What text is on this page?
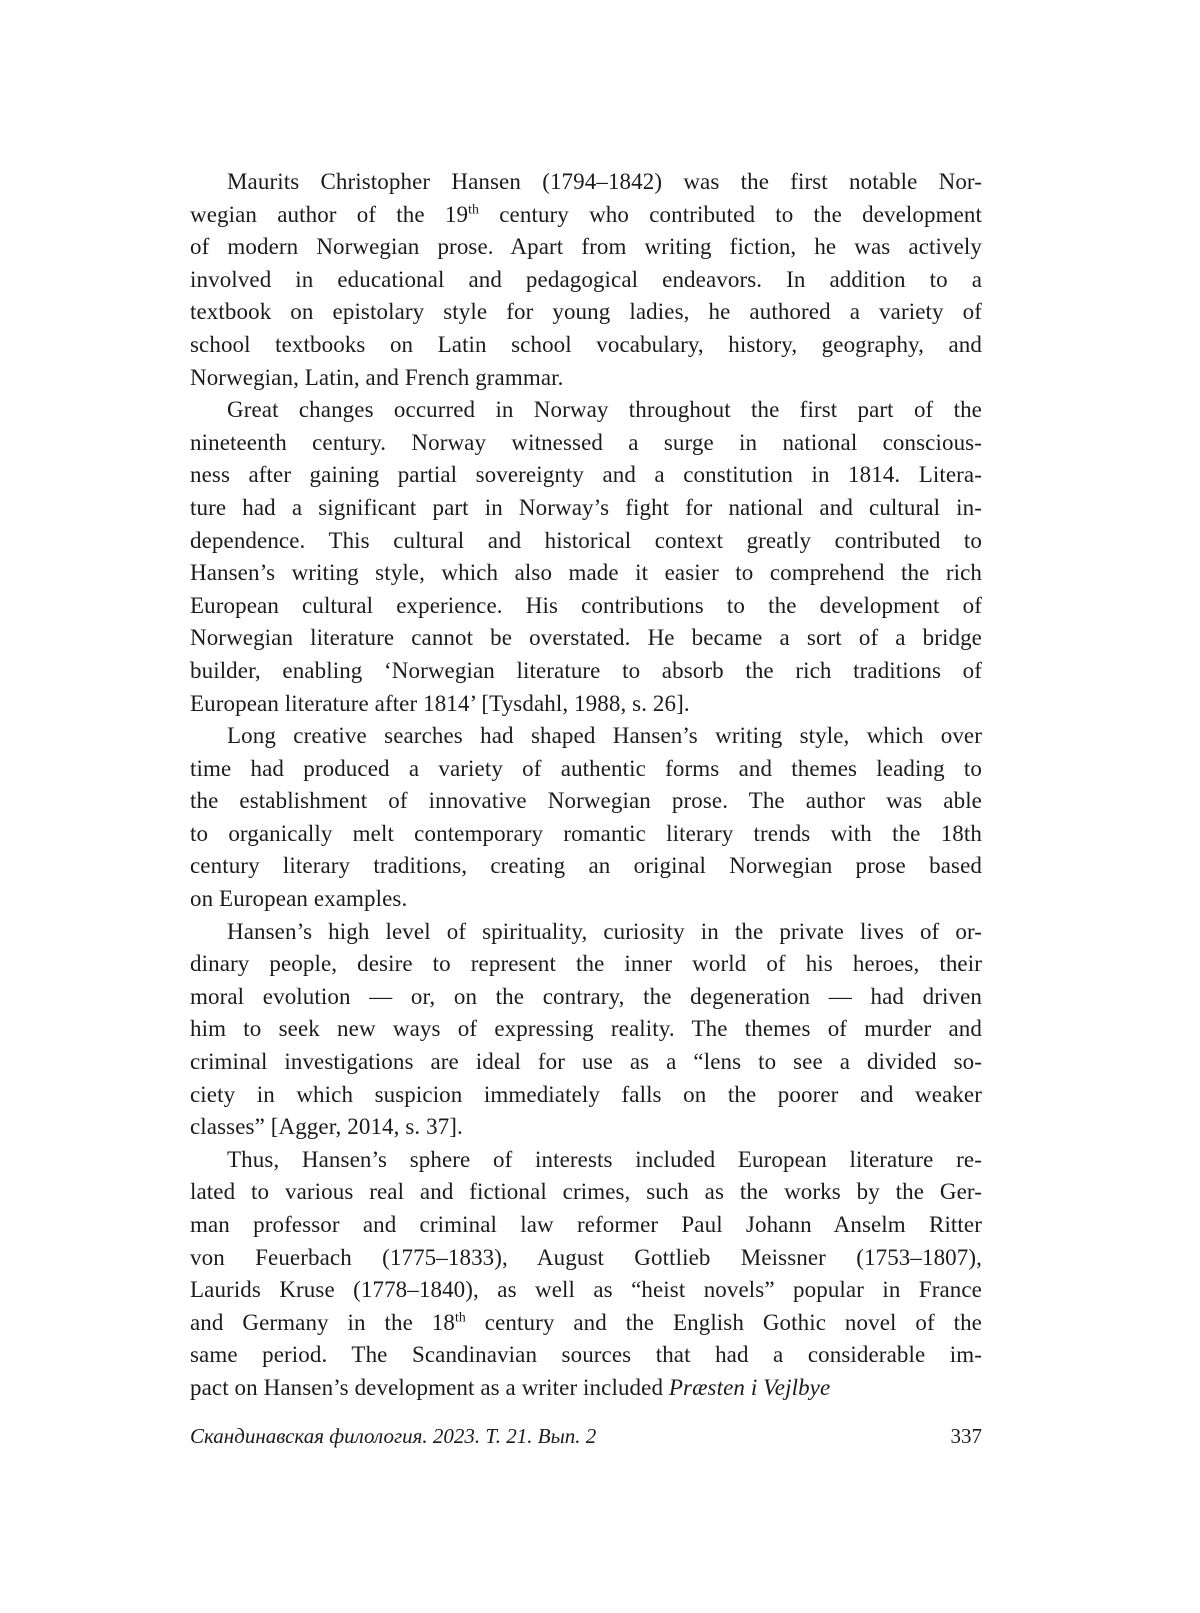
Maurits Christopher Hansen (1794–1842) was the first notable Nor-
wegian author of the 19th century who contributed to the development
of modern Norwegian prose. Apart from writing fiction, he was actively
involved in educational and pedagogical endeavors. In addition to a
textbook on epistolary style for young ladies, he authored a variety of
school textbooks on Latin school vocabulary, history, geography, and
Norwegian, Latin, and French grammar.
Great changes occurred in Norway throughout the first part of the
nineteenth century. Norway witnessed a surge in national conscious-
ness after gaining partial sovereignty and a constitution in 1814. Litera-
ture had a significant part in Norway’s fight for national and cultural in-
dependence. This cultural and historical context greatly contributed to
Hansen’s writing style, which also made it easier to comprehend the rich
European cultural experience. His contributions to the development of
Norwegian literature cannot be overstated. He became a sort of a bridge
builder, enabling ‘Norwegian literature to absorb the rich traditions of
European literature after 1814’ [Tysdahl, 1988, s. 26].
Long creative searches had shaped Hansen’s writing style, which over
time had produced a variety of authentic forms and themes leading to
the establishment of innovative Norwegian prose. The author was able
to organically melt contemporary romantic literary trends with the 18th
century literary traditions, creating an original Norwegian prose based
on European examples.
Hansen’s high level of spirituality, curiosity in the private lives of or-
dinary people, desire to represent the inner world of his heroes, their
moral evolution — or, on the contrary, the degeneration — had driven
him to seek new ways of expressing reality. The themes of murder and
criminal investigations are ideal for use as a “lens to see a divided so-
ciety in which suspicion immediately falls on the poorer and weaker
classes” [Agger, 2014, s. 37].
Thus, Hansen’s sphere of interests included European literature re-
lated to various real and fictional crimes, such as the works by the Ger-
man professor and criminal law reformer Paul Johann Anselm Ritter
von Feuerbach (1775–1833), August Gottlieb Meissner (1753–1807),
Laurids Kruse (1778–1840), as well as “heist novels” popular in France
and Germany in the 18th century and the English Gothic novel of the
same period. The Scandinavian sources that had a considerable im-
pact on Hansen’s development as a writer included Præsten i Vejlbye
Скандинавская филология. 2023. Т. 21. Вып. 2	337
